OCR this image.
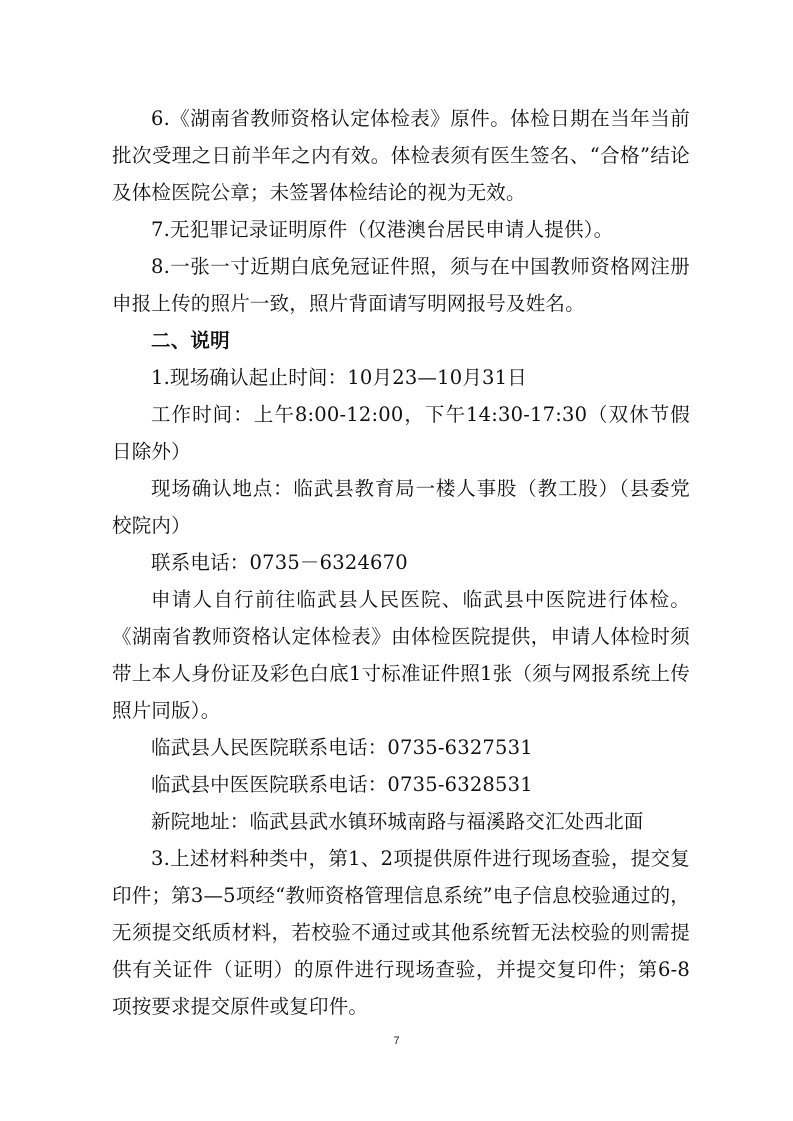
6.《湖南省教师资格认定体检表》原件。体检日期在当年当前批次受理之日前半年之内有效。体检表须有医生签名、“合格”结论及体检医院公章；未签署体检结论的视为无效。

7.无犯罪记录证明原件（仅港澳台居民申请人提供）。

8.一张一寸近期白底免冠证件照，须与在中国教师资格网注册申报上传的照片一致，照片背面请写明网报号及姓名。

二、说明

1.现场确认起止时间：10月23—10月31日

工作时间：上午8:00-12:00，下午14:30-17:30（双休节假日除外）

现场确认地点：临武县教育局一楼人事股（教工股）（县委党校院内）

联系电话：0735－6324670

申请人自行前往临武县人民医院、临武县中医院进行体检。《湖南省教师资格认定体检表》由体检医院提供，申请人体检时须带上本人身份证及彩色白底1寸标准证件照1张（须与网报系统上传照片同版）。

临武县人民医院联系电话：0735-6327531

临武县中医医院联系电话：0735-6328531

新院地址：临武县武水镇环城南路与福溪路交汇处西北面

3.上述材料种类中，第1、2项提供原件进行现场查验，提交复印件；第3—5项经“教师资格管理信息系统”电子信息校验通过的，无须提交纸质材料，若校验不通过或其他系统暂无法校验的则需提供有关证件（证明）的原件进行现场查验，并提交复印件；第6-8项按要求提交原件或复印件。

7
